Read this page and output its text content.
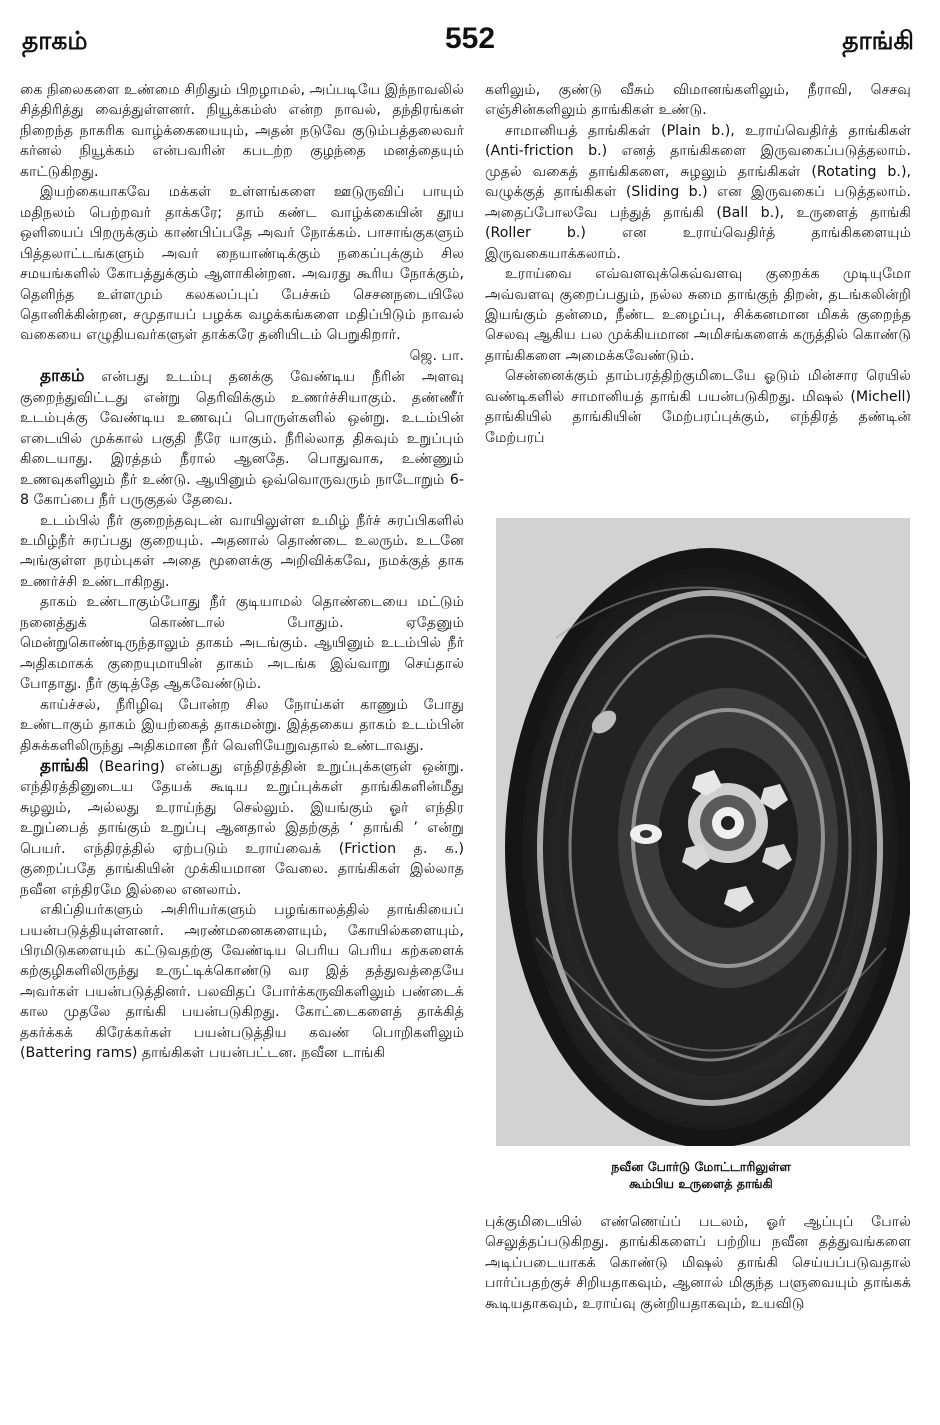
தாகம்	552	தாங்கி

கை நிலைகளை உண்மை சிறிதும் பிறழாமல், அப்படியே இந்நாவலில் சித்திரித்து வைத்துள்ளனர். நியூக்கம்ஸ் என்ற நாவல், தந்திரங்கள் நிறைந்த நாகரிக வாழ்க்கையையும், அதன் நடுவே குடும்பத்தலைவர் கர்னல் நியூக்கம் என்பவரின் கபடற்ற குழந்தை மனத்தையும் காட்டுகிறது.

இயற்கையாகவே மக்கள் உள்ளங்களை ஊடுருவிப் பாயும் மதிநலம் பெற்றவர் தாக்கரே; தாம் கண்ட வாழ்க்கையின் தூய ஒளியைப் பிறருக்கும் காண்பிப்பதே அவர் நோக்கம். பாசாங்குகளும் பித்தலாட்டங்களும் அவர் நையாண்டிக்கும் நகைப்புக்கும் சில சமயங்களில் கோபத்துக்கும் ஆளாகின்றன. அவரது கூரிய நோக்கும், தெளிந்த உள்ளமும் கலகலப்புப் பேச்சும் செசனநடையிலே தொனிக்கின்றன, சமுதாயப் பழக்க வழக்கங்களை மதிப்பிடும் நாவல் வகையை எழுதியவர்களுள் தாக்கரே தனியிடம் பெறுகிறார்.

ஜெ. பா.

தாகம் என்பது உடம்பு தனக்கு வேண்டிய நீரின் அளவு குறைந்துவிட்டது என்று தெரிவிக்கும் உணர்ச்சியாகும். தண்ணீர் உடம்புக்கு வேண்டிய உணவுப் பொருள்களில் ஒன்று. உடம்பின் எடையில் முக்கால் பகுதி நீரே யாகும். நீரில்லாத திசுவும் உறுப்பும் கிடையாது. இரத்தம் நீரால் ஆனதே. பொதுவாக, உண்ணும் உணவுகளிலும் நீர் உண்டு. ஆயினும் ஒவ்வொருவரும் நாடோறும் 6-8 கோப்பை நீர் பருகுதல் தேவை.

உடம்பில் நீர் குறைந்தவுடன் வாயிலுள்ள உமிழ் நீர்ச் சுரப்பிகளில் உமிழ்நீர் சுரப்பது குறையும். அதனால் தொண்டை உலரும். உடனே அங்குள்ள நரம்புகள் அதை மூளைக்கு அறிவிக்கவே, நமக்குத் தாக உணர்ச்சி உண்டாகிறது.

தாகம் உண்டாகும்போது நீர் குடியாமல் தொண்டையை மட்டும் நனைத்துக் கொண்டால் போதும். ஏதேனும் மென்றுகொண்டிருந்தாலும் தாகம் அடங்கும். ஆயினும் உடம்பில் நீர் அதிகமாகக் குறையுமாயின் தாகம் அடங்க இவ்வாறு செய்தால் போதாது. நீர் குடித்தே ஆகவேண்டும்.

காய்ச்சல், நீரிழிவு போன்ற சில நோய்கள் காணும் போது உண்டாகும் தாகம் இயற்கைத் தாகமன்று. இத்தகைய தாகம் உடம்பின் திசுக்களிலிருந்து அதிகமான நீர் வெளியேறுவதால் உண்டாவது.

தாங்கி (Bearing) என்பது எந்திரத்தின் உறுப்புக்களுள் ஒன்று. எந்திரத்தினுடைய தேயக் கூடிய உறுப்புக்கள் தாங்கிகளின்மீது சுழலும், அல்லது உராய்ந்து செல்லும். இயங்கும் ஓர் எந்திர உறுப்பைத் தாங்கும் உறுப்பு ஆனதால் இதற்குத் ‘ தாங்கி ’ என்று பெயர். எந்திரத்தில் ஏற்படும் உராய்வைக் (Friction த. க.) குறைப்பதே தாங்கியின் முக்கியமான வேலை. தாங்கிகள் இல்லாத நவீன எந்திரமே இல்லை எனலாம்.

எகிப்தியர்களும் அசிரியர்களும் பழங்காலத்தில் தாங்கியைப் பயன்படுத்தியுள்ளனர். அரண்மனைகளையும், கோயில்களையும், பிரமிடுகளையும் கட்டுவதற்கு வேண்டிய பெரிய பெரிய கற்களைக் கற்குழிகளிலிருந்து உருட்டிக்கொண்டு வர இத் தத்துவத்தையே அவர்கள் பயன்படுத்தினர். பலவிதப் போர்க்கருவிகளிலும் பண்டைக் கால முதலே தாங்கி பயன்படுகிறது. கோட்டைகளைத் தாக்கித் தகர்க்கக் கிரேக்கர்கள் பயன்படுத்திய கவண் பொறிகளிலும் (Battering rams) தாங்கிகள் பயன்பட்டன. நவீன டாங்கி

களிலும், குண்டு வீசும் விமானங்களிலும், நீராவி, செசவு எஞ்சின்களிலும் தாங்கிகள் உண்டு.

சாமானியத் தாங்கிகள் (Plain b.), உராய்வெதிர்த் தாங்கிகள் (Anti-friction b.) எனத் தாங்கிகளை இருவகைப்படுத்தலாம். முதல் வகைத் தாங்கிகளை, சுழலும் தாங்கிகள் (Rotating b.), வழுக்குத் தாங்கிகள் (Sliding b.) என இருவகைப் படுத்தலாம். அதைப்போலவே பந்துத் தாங்கி (Ball b.), உருளைத் தாங்கி (Roller b.) என உராய்வெதிர்த் தாங்கிகளையும் இருவகையாக்கலாம்.

உராய்வை எவ்வளவுக்கெவ்வளவு குறைக்க முடியுமோ அவ்வளவு குறைப்பதும், நல்ல சுமை தாங்குந் திறன், தடங்கலின்றி இயங்கும் தன்மை, நீண்ட உழைப்பு, சிக்கனமான மிகக் குறைந்த செலவு ஆகிய பல முக்கியமான அமிசங்களைக் கருத்தில் கொண்டு தாங்கிகளை அமைக்கவேண்டும்.

சென்னைக்கும் தாம்பரத்திற்குமிடையே ஓடும் மின்சார ரெயில் வண்டிகளில் சாமானியத் தாங்கி பயன்படுகிறது. மிஷல் (Michell) தாங்கியில் தாங்கியின் மேற்பரப்புக்கும், எந்திரத் தண்டின் மேற்பரப்

நவீன போர்டு மோட்டாரிலுள்ள
கூம்பிய உருளைத் தாங்கி

புக்குமிடையில் எண்ணெய்ப் படலம், ஓர் ஆப்புப் போல் செலுத்தப்படுகிறது. தாங்கிகளைப் பற்றிய நவீன தத்துவங்களை அடிப்படையாகக் கொண்டு மிஷல் தாங்கி செய்யப்படுவதால் பார்ப்பதற்குச் சிறியதாகவும், ஆனால் மிகுந்த பளுவையும் தாங்கக் கூடியதாகவும், உராய்வு குன்றியதாகவும், உயவிடு
